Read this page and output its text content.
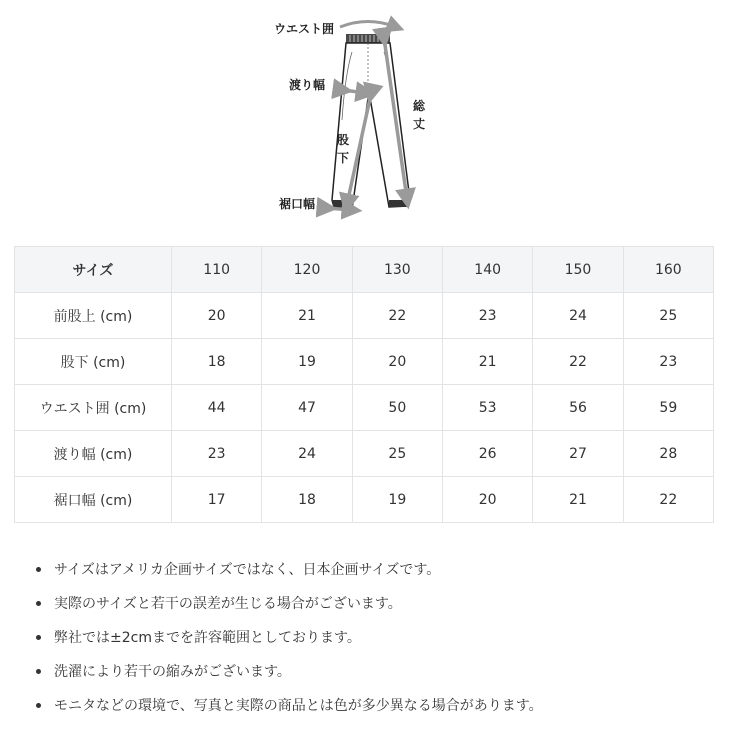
ウエスト囲
渡り幅
股
下
総
丈
裾口幅
サイズ	110	120	130	140	150	160
前股上 (cm)	20	21	22	23	24	25
股下 (cm)	18	19	20	21	22	23
ウエスト囲 (cm)	44	47	50	53	56	59
渡り幅 (cm)	23	24	25	26	27	28
裾口幅 (cm)	17	18	19	20	21	22
サイズはアメリカ企画サイズではなく、日本企画サイズです。
実際のサイズと若干の誤差が生じる場合がございます。
弊社では±2cmまでを許容範囲としております。
洗濯により若干の縮みがございます。
モニタなどの環境で、写真と実際の商品とは色が多少異なる場合があります。
